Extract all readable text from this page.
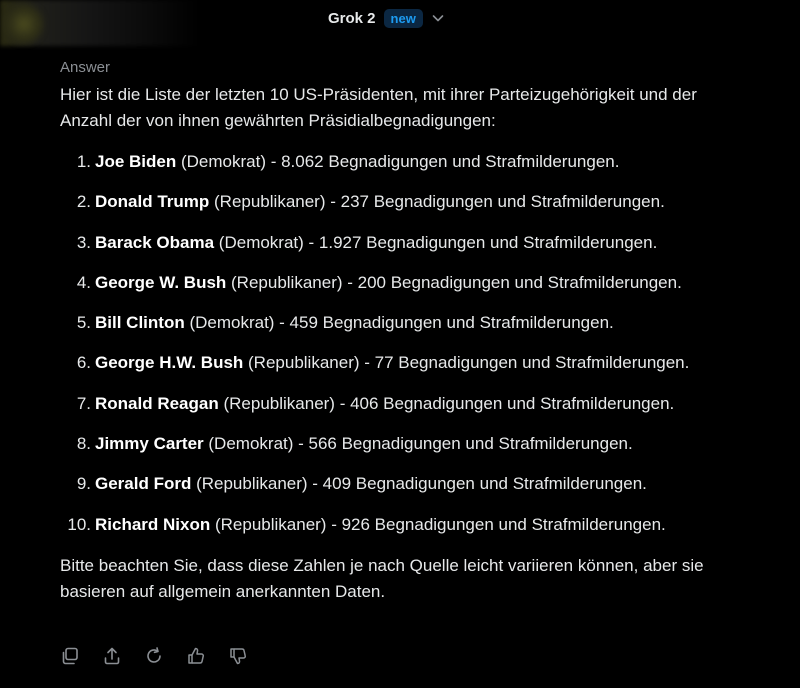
Grok 2	new
Answer
Hier ist die Liste der letzten 10 US-Präsidenten, mit ihrer Parteizugehörigkeit und der Anzahl der von ihnen gewährten Präsidialbegnadigungen:
1. Joe Biden (Demokrat) - 8.062 Begnadigungen und Strafmilderungen.
2. Donald Trump (Republikaner) - 237 Begnadigungen und Strafmilderungen.
3. Barack Obama (Demokrat) - 1.927 Begnadigungen und Strafmilderungen.
4. George W. Bush (Republikaner) - 200 Begnadigungen und Strafmilderungen.
5. Bill Clinton (Demokrat) - 459 Begnadigungen und Strafmilderungen.
6. George H.W. Bush (Republikaner) - 77 Begnadigungen und Strafmilderungen.
7. Ronald Reagan (Republikaner) - 406 Begnadigungen und Strafmilderungen.
8. Jimmy Carter (Demokrat) - 566 Begnadigungen und Strafmilderungen.
9. Gerald Ford (Republikaner) - 409 Begnadigungen und Strafmilderungen.
10. Richard Nixon (Republikaner) - 926 Begnadigungen und Strafmilderungen.
Bitte beachten Sie, dass diese Zahlen je nach Quelle leicht variieren können, aber sie basieren auf allgemein anerkannten Daten.
